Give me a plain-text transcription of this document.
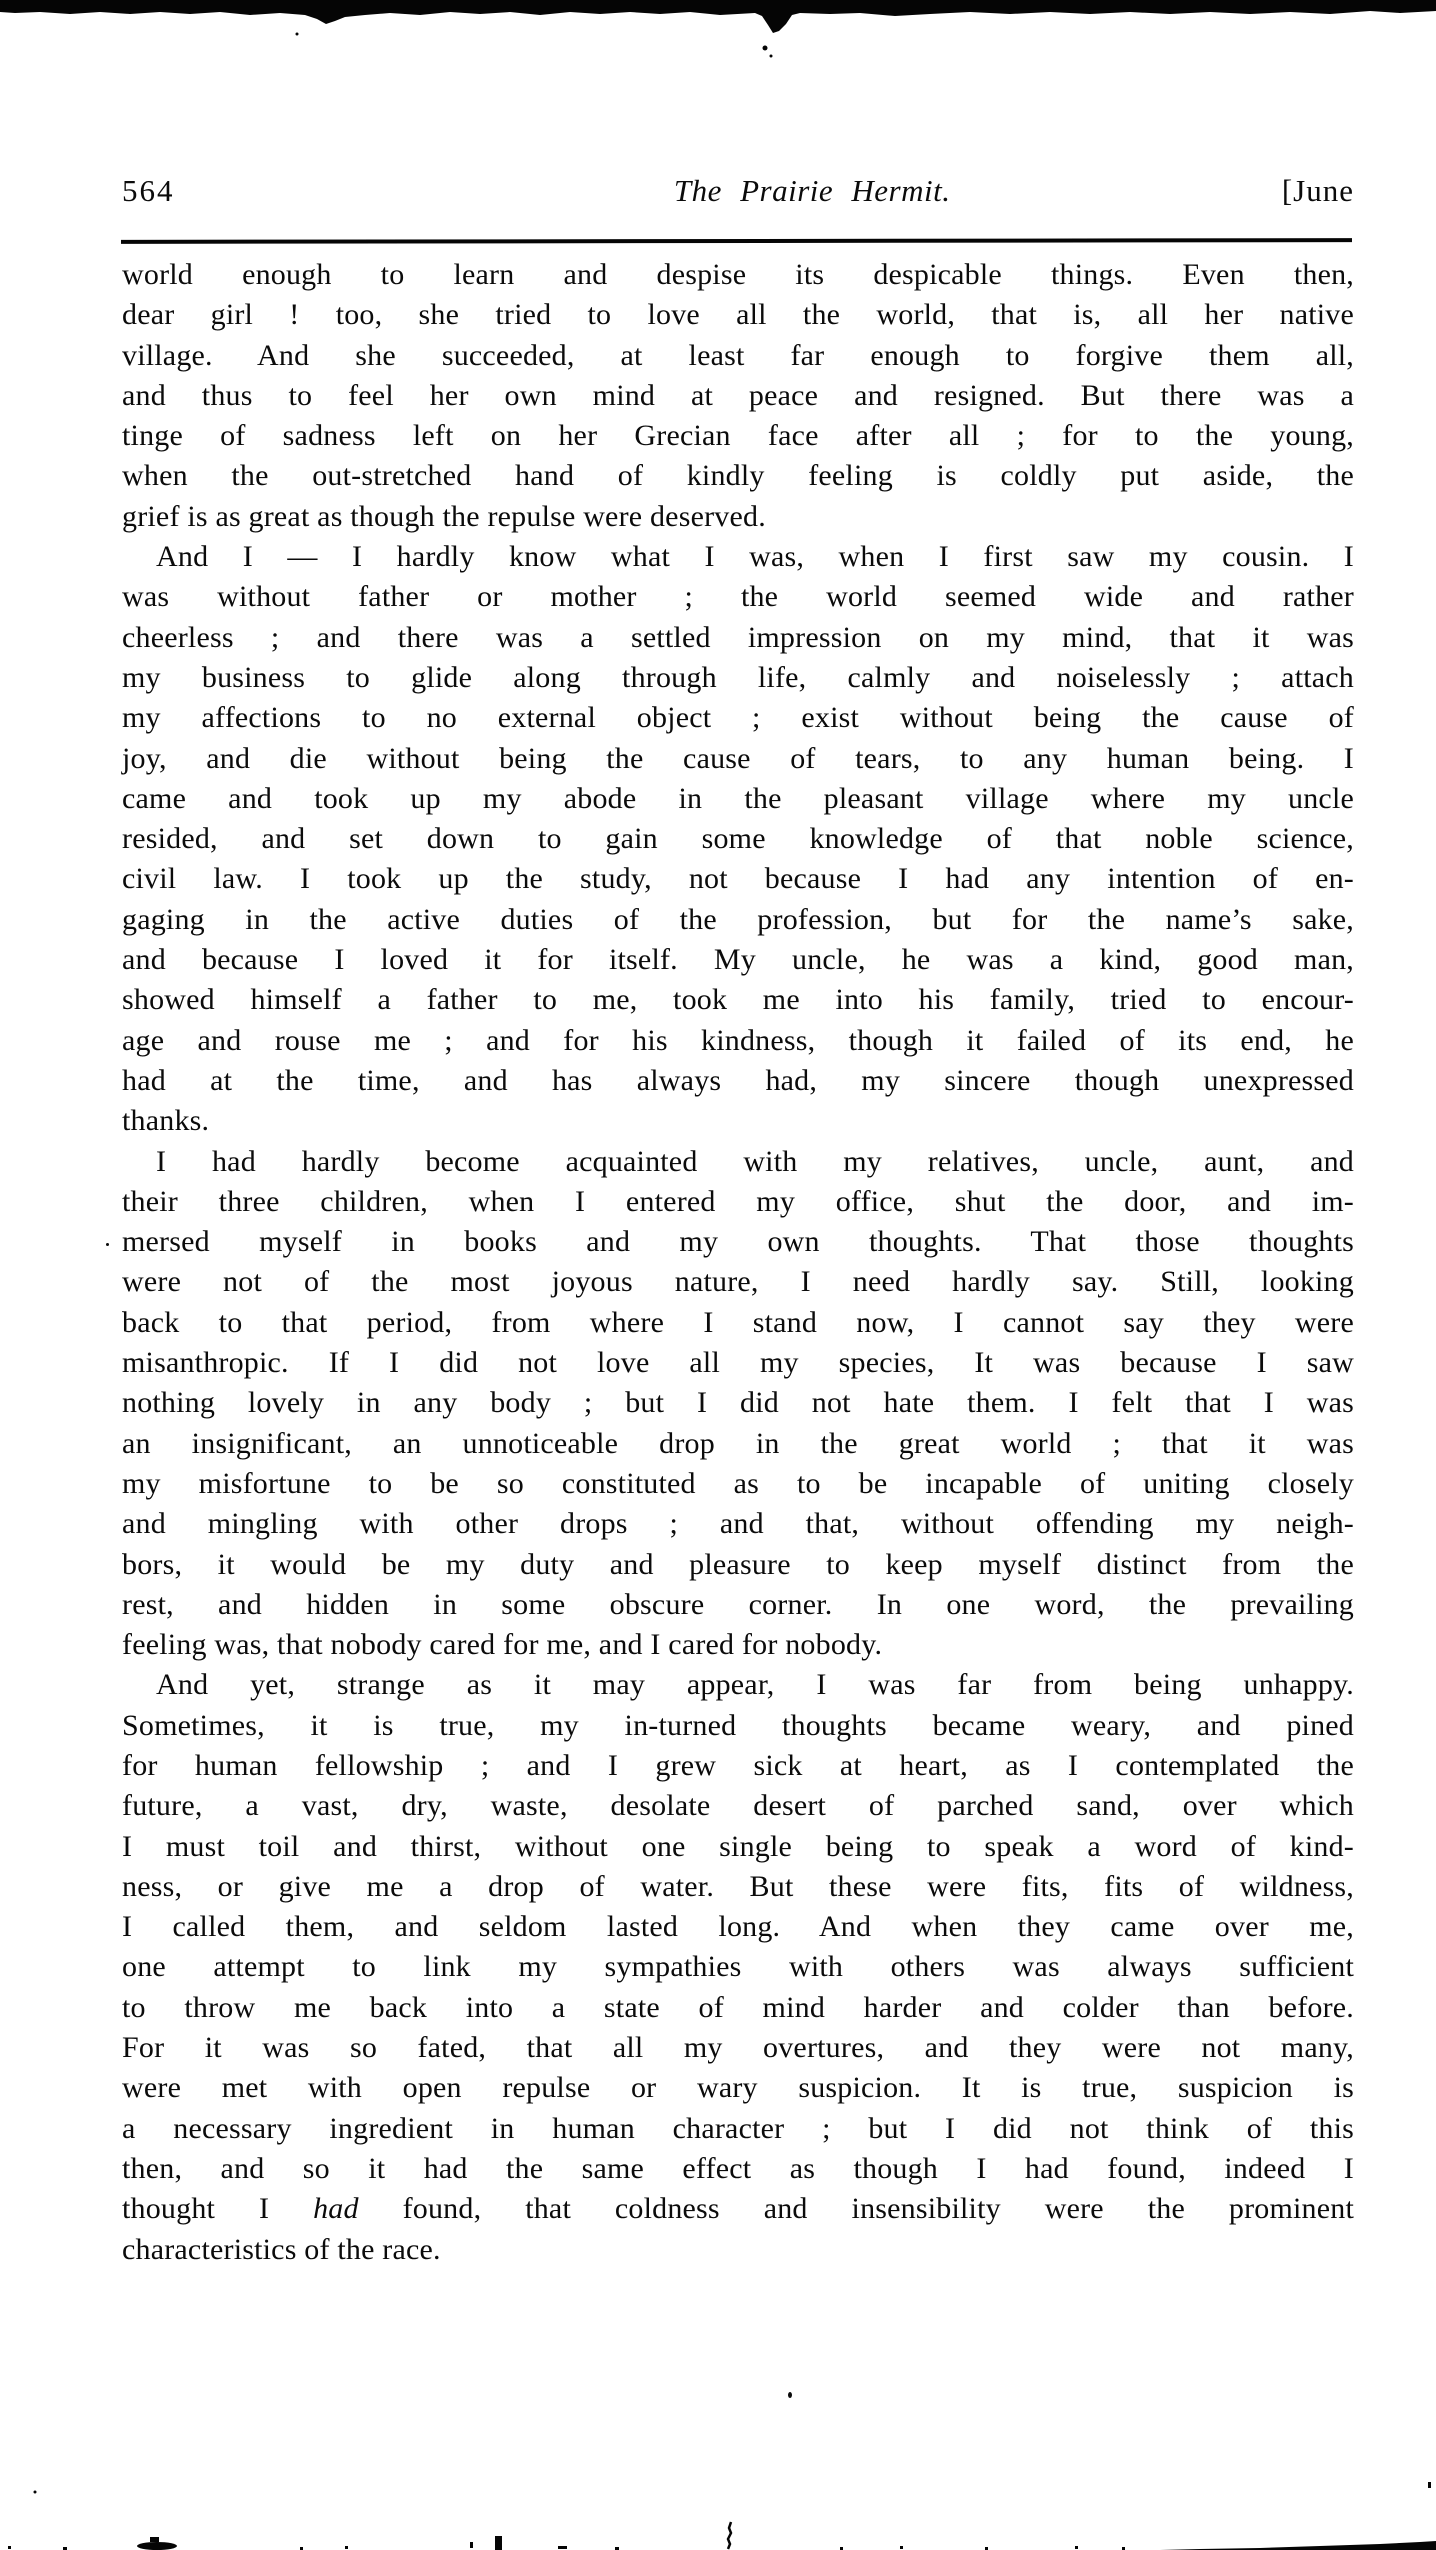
564	The Prairie Hermit.	[June
world enough to learn and despise its despicable things. Even then,
dear girl ! too, she tried to love all the world, that is, all her native
village. And she succeeded, at least far enough to forgive them all,
and thus to feel her own mind at peace and resigned. But there was a
tinge of sadness left on her Grecian face after all ; for to the young,
when the out-stretched hand of kindly feeling is coldly put aside, the
grief is as great as though the repulse were deserved.
And I — I hardly know what I was, when I first saw my cousin. I
was without father or mother ; the world seemed wide and rather
cheerless ; and there was a settled impression on my mind, that it was
my business to glide along through life, calmly and noiselessly ; attach
my affections to no external object ; exist without being the cause of
joy, and die without being the cause of tears, to any human being. I
came and took up my abode in the pleasant village where my uncle
resided, and set down to gain some knowledge of that noble science,
civil law. I took up the study, not because I had any intention of en-
gaging in the active duties of the profession, but for the name’s sake,
and because I loved it for itself. My uncle, he was a kind, good man,
showed himself a father to me, took me into his family, tried to encour-
age and rouse me ; and for his kindness, though it failed of its end, he
had at the time, and has always had, my sincere though unexpressed
thanks.
I had hardly become acquainted with my relatives, uncle, aunt, and
their three children, when I entered my office, shut the door, and im-
mersed myself in books and my own thoughts. That those thoughts
were not of the most joyous nature, I need hardly say. Still, looking
back to that period, from where I stand now, I cannot say they were
misanthropic. If I did not love all my species, It was because I saw
nothing lovely in any body ; but I did not hate them. I felt that I was
an insignificant, an unnoticeable drop in the great world ; that it was
my misfortune to be so constituted as to be incapable of uniting closely
and mingling with other drops ; and that, without offending my neigh-
bors, it would be my duty and pleasure to keep myself distinct from the
rest, and hidden in some obscure corner. In one word, the prevailing
feeling was, that nobody cared for me, and I cared for nobody.
And yet, strange as it may appear, I was far from being unhappy.
Sometimes, it is true, my in-turned thoughts became weary, and pined
for human fellowship ; and I grew sick at heart, as I contemplated the
future, a vast, dry, waste, desolate desert of parched sand, over which
I must toil and thirst, without one single being to speak a word of kind-
ness, or give me a drop of water. But these were fits, fits of wildness,
I called them, and seldom lasted long. And when they came over me,
one attempt to link my sympathies with others was always sufficient
to throw me back into a state of mind harder and colder than before.
For it was so fated, that all my overtures, and they were not many,
were met with open repulse or wary suspicion. It is true, suspicion is
a necessary ingredient in human character ; but I did not think of this
then, and so it had the same effect as though I had found, indeed I
thought I had found, that coldness and insensibility were the prominent
characteristics of the race.
